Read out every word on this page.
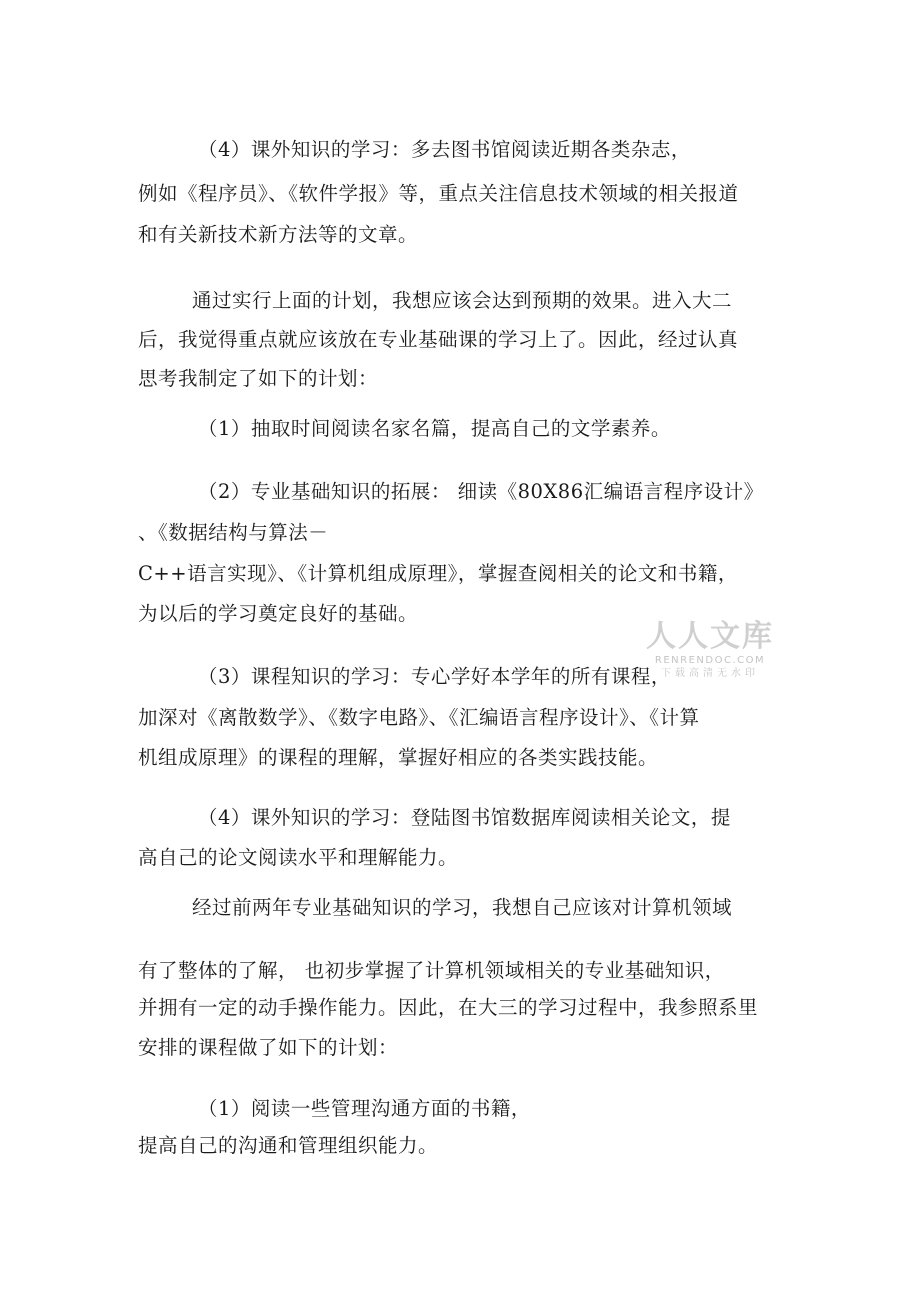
（4）课外知识的学习：多去图书馆阅读近期各类杂志，
例如《程序员》、《软件学报》等，重点关注信息技术领域的相关报道
和有关新技术新方法等的文章。
通过实行上面的计划，我想应该会达到预期的效果。进入大二
后，我觉得重点就应该放在专业基础课的学习上了。因此，经过认真
思考我制定了如下的计划：
（1）抽取时间阅读名家名篇，提高自己的文学素养。
（2）专业基础知识的拓展： 细读《80X86汇编语言程序设计》
、《数据结构与算法－
C++语言实现》、《计算机组成原理》，掌握查阅相关的论文和书籍，
为以后的学习奠定良好的基础。
（3）课程知识的学习：专心学好本学年的所有课程，
加深对《离散数学》、《数字电路》、《汇编语言程序设计》、《计算
机组成原理》的课程的理解，掌握好相应的各类实践技能。
（4）课外知识的学习：登陆图书馆数据库阅读相关论文，提
高自己的论文阅读水平和理解能力。
经过前两年专业基础知识的学习，我想自己应该对计算机领域
有了整体的了解， 也初步掌握了计算机领域相关的专业基础知识，
并拥有一定的动手操作能力。因此，在大三的学习过程中，我参照系里
安排的课程做了如下的计划：
（1）阅读一些管理沟通方面的书籍，
提高自己的沟通和管理组织能力。
人人文库
RENRENDOC.COM
下载高清无水印
